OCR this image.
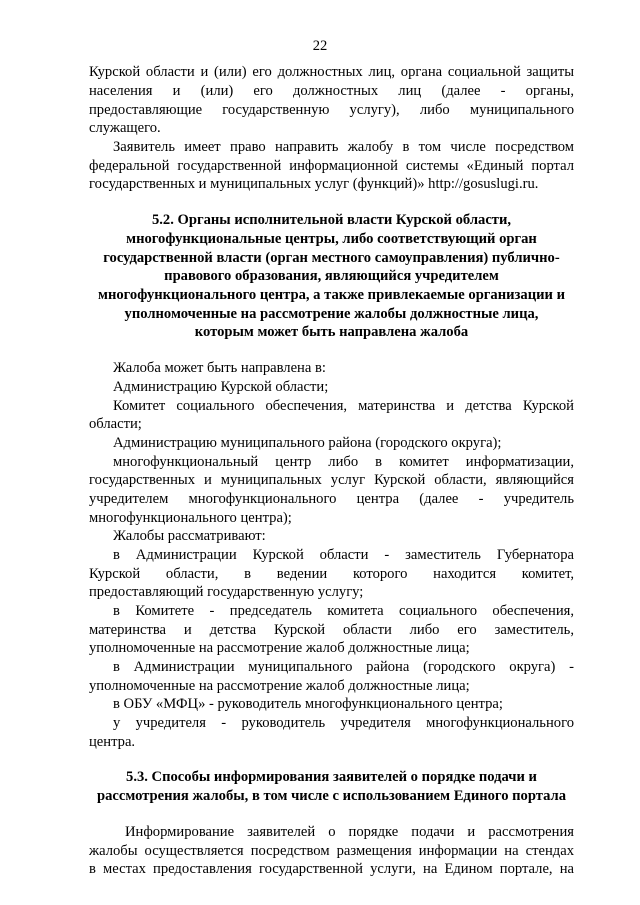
22
Курской области и (или) его должностных лиц, органа социальной защиты
населения и (или) его должностных лиц (далее - органы,
предоставляющие государственную услугу), либо муниципального
служащего.
Заявитель имеет право направить жалобу в том числе посредством
федеральной государственной информационной системы «Единый портал
государственных и муниципальных услуг (функций)» http://gosuslugi.ru.
5.2. Органы исполнительной власти Курской области,
многофункциональные центры, либо соответствующий орган
государственной власти (орган местного самоуправления) публично-
правового образования, являющийся учредителем
многофункционального центра, а также привлекаемые организации и
уполномоченные на рассмотрение жалобы должностные лица,
которым может быть направлена жалоба
Жалоба может быть направлена в:
Администрацию Курской области;
Комитет социального обеспечения, материнства и детства Курской
области;
Администрацию муниципального района (городского округа);
многофункциональный центр либо в комитет информатизации,
государственных и муниципальных услуг Курской области, являющийся
учредителем многофункционального центра (далее - учредитель
многофункционального центра);
Жалобы рассматривают:
в Администрации Курской области - заместитель Губернатора
Курской области, в ведении которого находится комитет,
предоставляющий государственную услугу;
в Комитете - председатель комитета социального обеспечения,
материнства и детства Курской области либо его заместитель,
уполномоченные на рассмотрение жалоб должностные лица;
в Администрации муниципального района (городского округа) -
уполномоченные на рассмотрение жалоб должностные лица;
в ОБУ «МФЦ» - руководитель многофункционального центра;
у учредителя - руководитель учредителя многофункционального
центра.
5.3. Способы информирования заявителей о порядке подачи и
рассмотрения жалобы, в том числе с использованием Единого портала
Информирование заявителей о порядке подачи и рассмотрения
жалобы осуществляется посредством размещения информации на стендах
в местах предоставления государственной услуги, на Едином портале, на
